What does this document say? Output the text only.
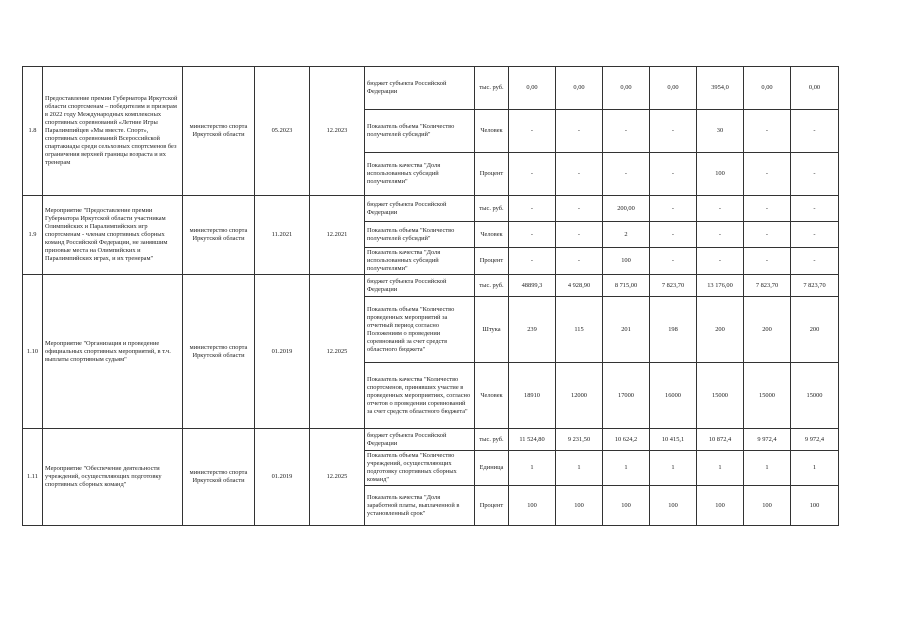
1.8	Предоставление премии Губернатора Иркутской области спортсменам – победителям и призерам в 2022 году Международных комплексных спортивных соревнований «Летние Игры Паралимпийцев «Мы вместе. Спорт», спортивных соревнований Всероссийской спартакиады среди сельхозных спортсменов без ограничения верхней границы возраста и их тренерам	министерство спорта Иркутской области	05.2023	12.2023	бюджет субъекта Российской Федерации	тыс. руб.	0,00	0,00	0,00	0,00	3954,0	0,00	0,00
					Показатель объема "Количество получателей субсидий"	Человек	-	-	-	-	30	-	-
					Показатель качества "Доля использованных субсидий получателями"	Процент	-	-	-	-	100	-	-
1.9	Мероприятие "Предоставление премии Губернатора Иркутской области участникам Олимпийских и Паралимпийских игр спортсменам - членам спортивных сборных команд Российской Федерации, не занявшим призовые места на Олимпийских и Паралимпийских играх, и их тренерам"	министерство спорта Иркутской области	11.2021	12.2021	бюджет субъекта Российской Федерации	тыс. руб.	-	-	200,00	-	-	-	-
					Показатель объема "Количество получателей субсидий"	Человек	-	-	2	-	-	-	-
					Показатель качества "Доля использованных субсидий получателями"	Процент	-	-	100	-	-	-	-
1.10	Мероприятие "Организация и проведение официальных спортивных мероприятий, в т.ч. выплаты спортивным судьям"	министерство спорта Иркутской области	01.2019	12.2025	бюджет субъекта Российской Федерации	тыс. руб.	48899,3	4 928,90	8 715,00	7 823,70	13 176,00	7 823,70	7 823,70
					Показатель объема "Количество проведенных мероприятий за отчетный период согласно Положениям о проведении соревнований за счет средств областного бюджета"	Штука	239	115	201	198	200	200	200
					Показатель качества "Количество спортсменов, принявших участие в проведенных мероприятиях, согласно отчетов о проведении соревнований за счет средств областного бюджета"	Человек	18910	12000	17000	16000	15000	15000	15000
1.11	Мероприятие "Обеспечение деятельности учреждений, осуществляющих подготовку спортивных сборных команд"	министерство спорта Иркутской области	01.2019	12.2025	бюджет субъекта Российской Федерации	тыс. руб.	11 524,80	9 231,50	10 624,2	10 415,1	10 872,4	9 972,4	9 972,4
					Показатель объема "Количество учреждений, осуществляющих подготовку спортивных сборных команд"	Единица	1	1	1	1	1	1	1
					Показатель качества "Доля заработной платы, выплаченной в установленный срок"	Процент	100	100	100	100	100	100	100
